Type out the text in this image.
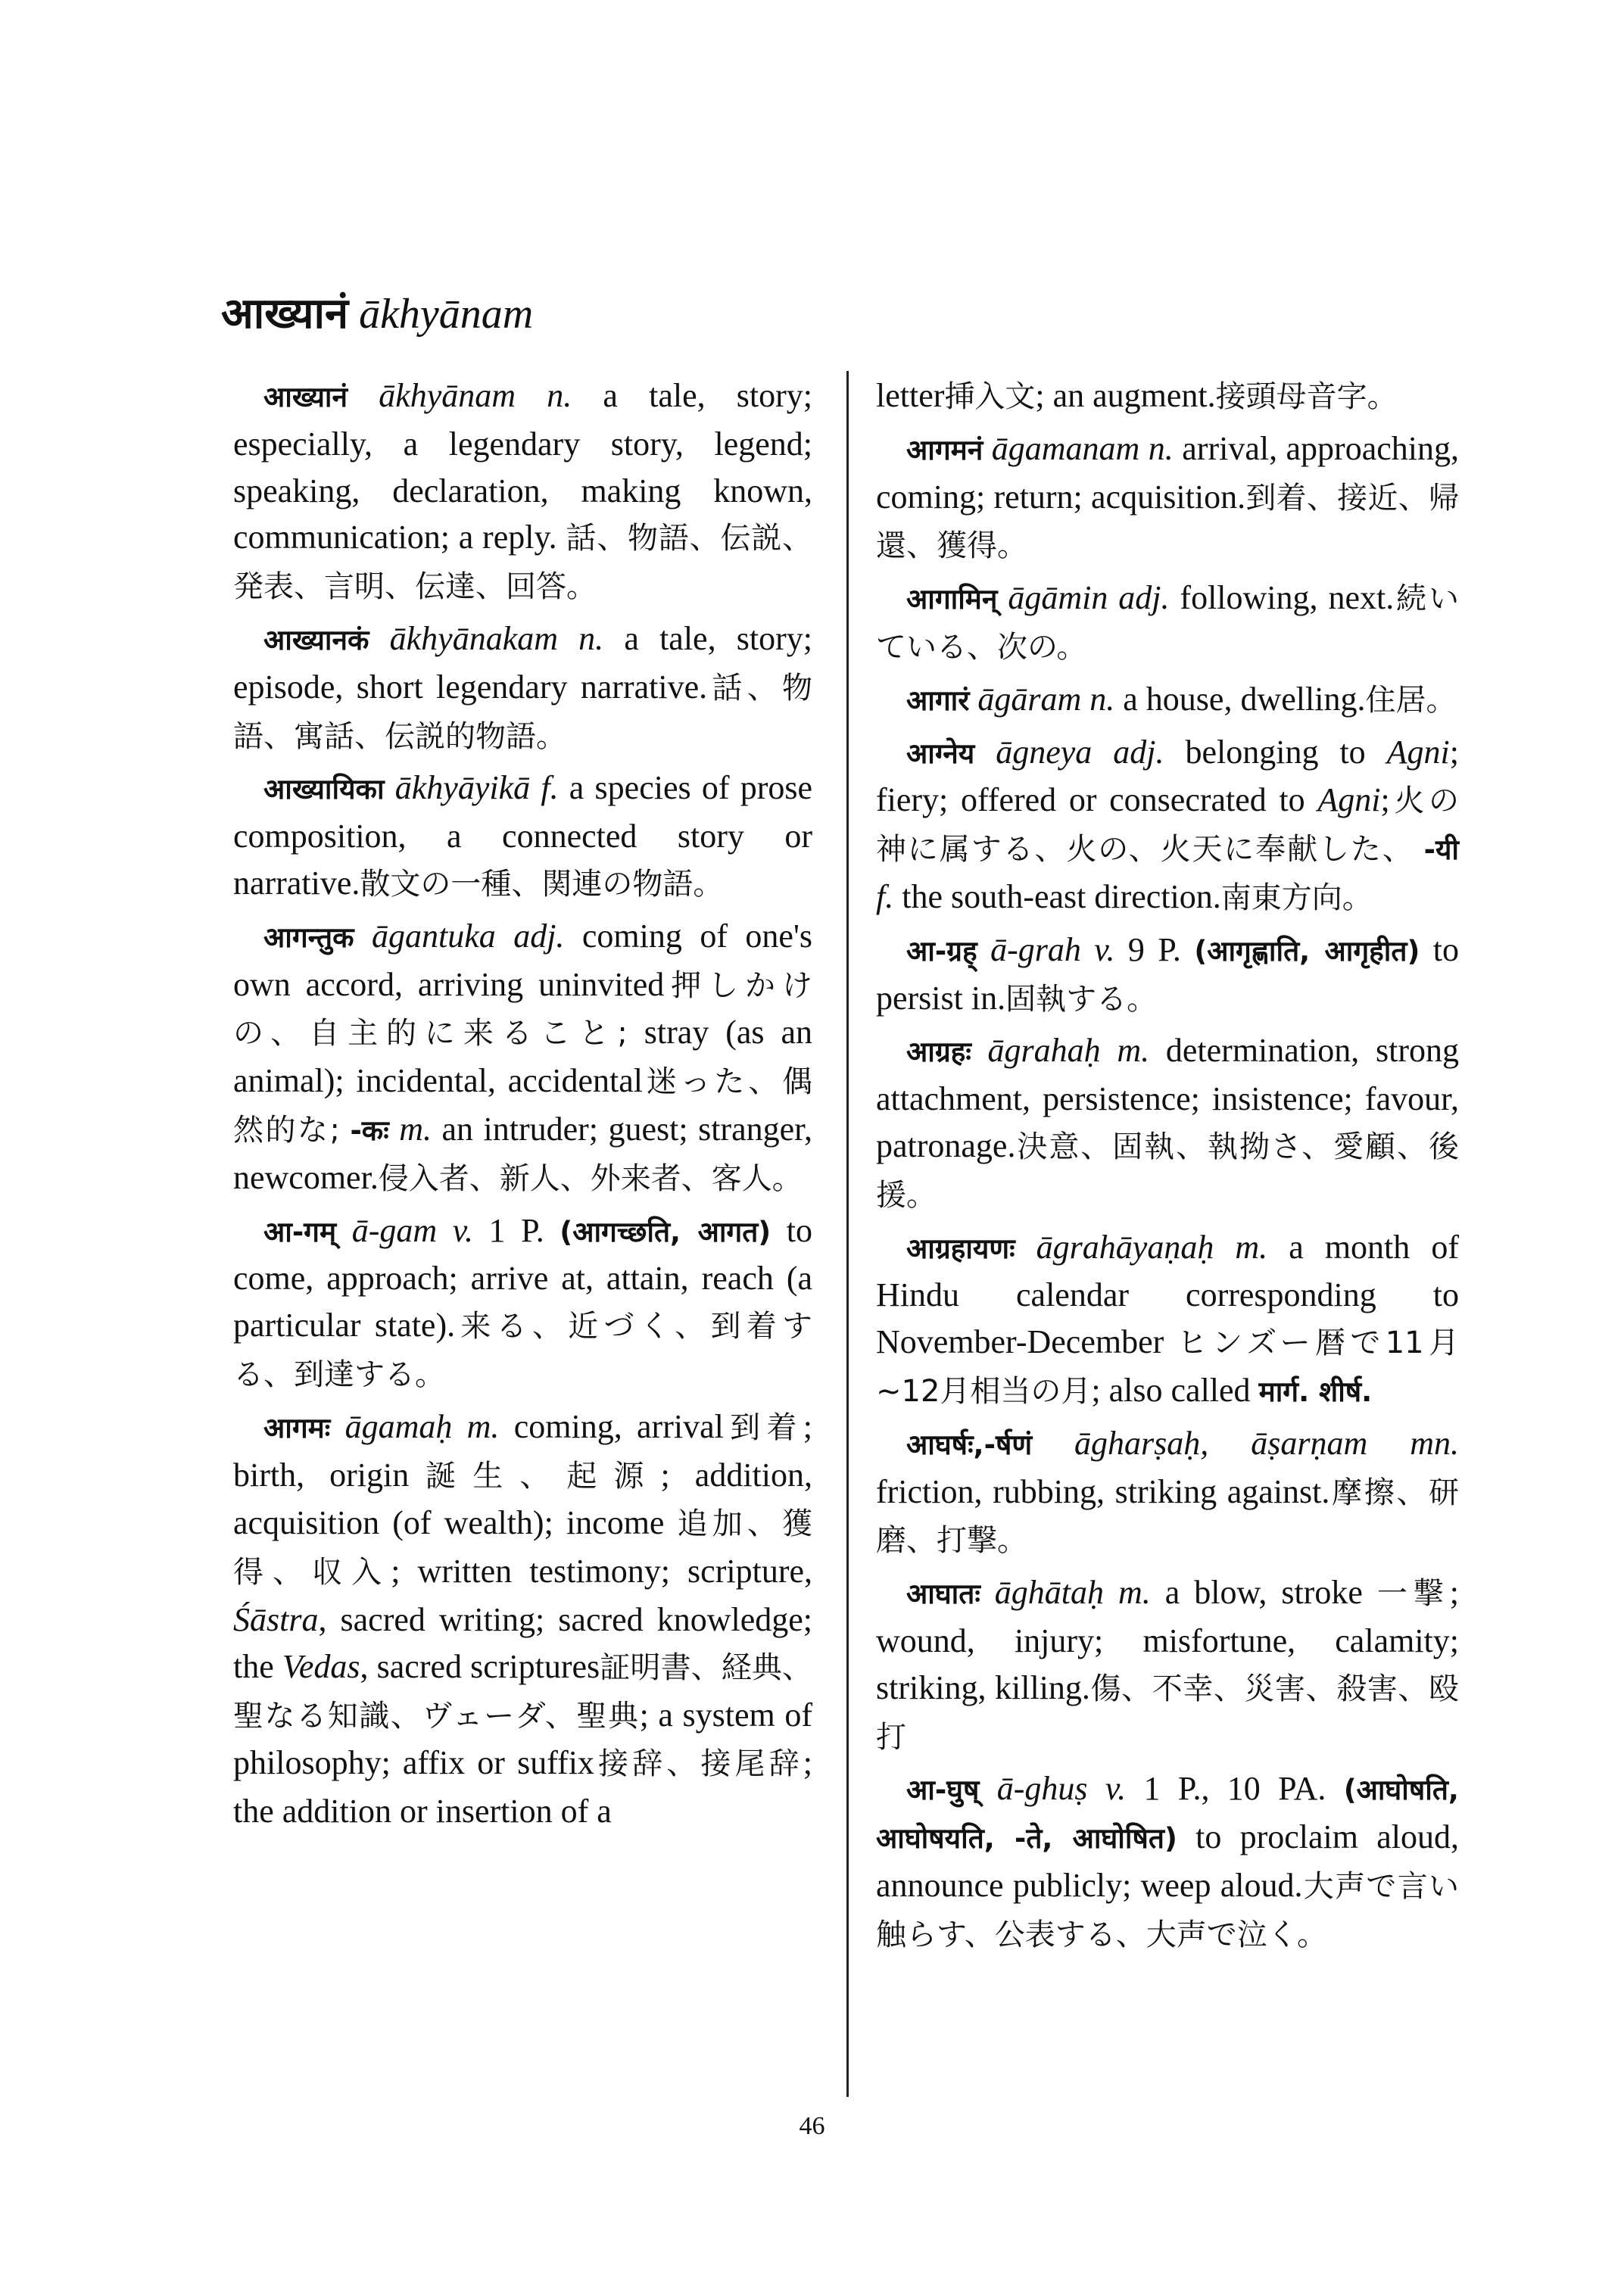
आख्यानं ākhyānam

आख्यानं ākhyānam n. a tale, story; especially, a legendary story, legend; speaking, declaration, making known, communication; a reply. 話、物語、伝説、発表、言明、伝達、回答。

आख्यानकं ākhyānakam n. a tale, story; episode, short legendary narrative.話、物語、寓話、伝説的物語。

आख्यायिका ākhyāyikā f. a species of prose composition, a connected story or narrative.散文の一種、関連の物語。

आगन्तुक āgantuka adj. coming of one's own accord, arriving uninvited押しかけの、自主的に来ること; stray (as an animal); incidental, accidental迷った、偶然的な; -कः m. an intruder; guest; stranger, newcomer.侵入者、新人、外来者、客人。

आ-गम् ā-gam v. 1 P. (आगच्छति, आगत) to come, approach; arrive at, attain, reach (a particular state).来る、近づく、到着する、到達する。

आगमः āgamaḥ m. coming, arrival到着; birth, origin誕生、起源; addition, acquisition (of wealth); income 追加、獲得、収入; written testimony; scripture, Śāstra, sacred writing; sacred knowledge; the Vedas, sacred scriptures証明書、経典、聖なる知識、ヴェーダ、聖典; a system of philosophy; affix or suffix接辞、接尾辞; the addition or insertion of a

letter挿入文; an augment.接頭母音字。

आगमनं āgamanam n. arrival, approaching, coming; return; acquisition.到着、接近、帰還、獲得。

आगामिन् āgāmin adj. following, next.続いている、次の。

आगारं āgāram n. a house, dwelling.住居。

आग्नेय āgneya adj. belonging to Agni; fiery; offered or consecrated to Agni;火の神に属する、火の、火天に奉献した、 -यी f. the south-east direction.南東方向。

आ-ग्रह् ā-grah v. 9 P. (आगृह्णाति, आगृहीत) to persist in.固執する。

आग्रहः āgrahaḥ m. determination, strong attachment, persistence; insistence; favour, patronage.決意、固執、執拗さ、愛顧、後援。

आग्रहायणः āgrahāyaṇaḥ m. a month of Hindu calendar corresponding to November-December ヒンズー暦で11月~12月相当の月; also called मार्ग. शीर्ष.

आघर्षः,-र्षणं āgharṣaḥ, āṣarṇam mn. friction, rubbing, striking against.摩擦、研磨、打撃。

आघातः āghātaḥ m. a blow, stroke 一撃; wound, injury; misfortune, calamity; striking, killing.傷、不幸、災害、殺害、殴打

आ-घुष् ā-ghuṣ v. 1 P., 10 PA. (आघोषति, आघोषयति, -ते, आघोषित) to proclaim aloud, announce publicly; weep aloud.大声で言い触らす、公表する、大声で泣く。

46
